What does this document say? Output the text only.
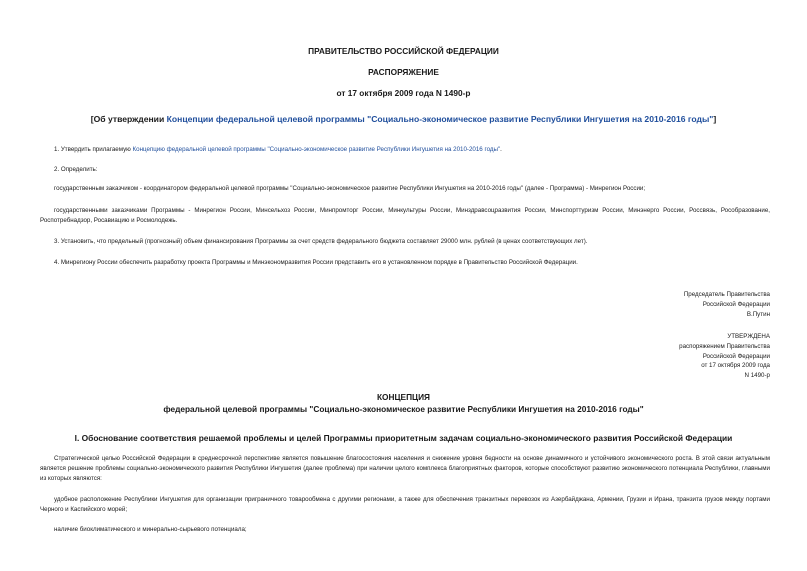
ПРАВИТЕЛЬСТВО РОССИЙСКОЙ ФЕДЕРАЦИИ
РАСПОРЯЖЕНИЕ
от 17 октября 2009 года N 1490-р
[Об утверждении Концепции федеральной целевой программы "Социально-экономическое развитие Республики Ингушетия на 2010-2016 годы"]
1. Утвердить прилагаемую Концепцию федеральной целевой программы "Социально-экономическое развитие Республики Ингушетия на 2010-2016 годы".
2. Определить:
государственным заказчиком - координатором федеральной целевой программы "Социально-экономическое развитие Республики Ингушетия на 2010-2016 годы" (далее - Программа) - Минрегион России;
государственными заказчиками Программы - Минрегион России, Минсельхоз России, Минпромторг России, Минкультуры России, Минздравсоцразвития России, Минспорттуризм России, Минэнерго России, Россвязь, Рособразование, Роспотребнадзор, Росавиацию и Росмолодежь.
3. Установить, что предельный (прогнозный) объем финансирования Программы за счет средств федерального бюджета составляет 29000 млн. рублей (в ценах соответствующих лет).
4. Минрегиону России обеспечить разработку проекта Программы и Минэкономразвития России представить его в установленном порядке в Правительство Российской Федерации.
Председатель Правительства
Российской Федерации
В.Путин
УТВЕРЖДЕНА
распоряжением Правительства
Российской Федерации
от 17 октября 2009 года
N 1490-р
КОНЦЕПЦИЯ
федеральной целевой программы "Социально-экономическое развитие Республики Ингушетия на 2010-2016 годы"
I. Обоснование соответствия решаемой проблемы и целей Программы приоритетным задачам социально-экономического развития Российской Федерации
Стратегической целью Российской Федерации в среднесрочной перспективе является повышение благосостояния населения и снижение уровня бедности на основе динамичного и устойчивого экономического роста. В этой связи актуальным является решение проблемы социально-экономического развития Республики Ингушетия (далее проблема) при наличии целого комплекса благоприятных факторов, которые способствуют развитию экономического потенциала Республики, главными из которых являются:
удобное расположение Республики Ингушетия для организации приграничного товарообмена с другими регионами, а также для обеспечения транзитных перевозок из Азербайджана, Армении, Грузии и Ирана, транзита грузов между портами Черного и Каспийского морей;
наличие биоклиматического и минерально-сырьевого потенциала;
